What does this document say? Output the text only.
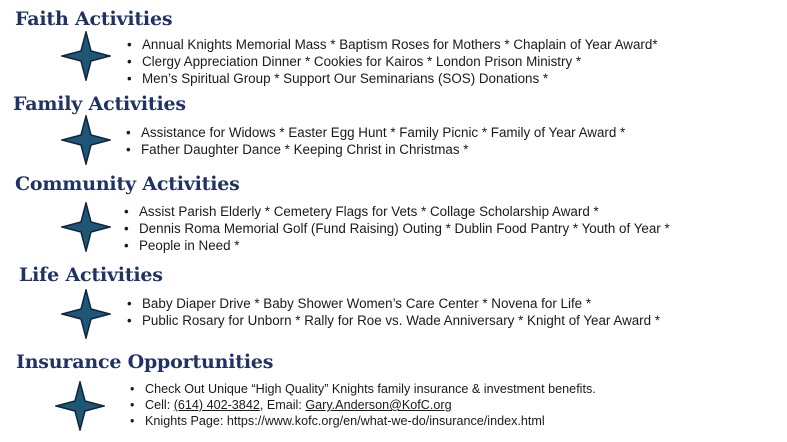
Faith Activities
• Annual Knights Memorial Mass * Baptism Roses for Mothers * Chaplain of Year Award*
• Clergy Appreciation Dinner * Cookies for Kairos * London Prison Ministry *
• Men’s Spiritual Group * Support Our Seminarians (SOS) Donations *
Family Activities
• Assistance for Widows * Easter Egg Hunt * Family Picnic * Family of Year Award *
• Father Daughter Dance * Keeping Christ in Christmas *
Community Activities
• Assist Parish Elderly * Cemetery Flags for Vets * Collage Scholarship Award *
• Dennis Roma Memorial Golf (Fund Raising) Outing * Dublin Food Pantry * Youth of Year *
• People in Need *
Life Activities
• Baby Diaper Drive * Baby Shower Women’s Care Center * Novena for Life *
• Public Rosary for Unborn * Rally for Roe vs. Wade Anniversary * Knight of Year Award *
Insurance Opportunities
• Check Out Unique “High Quality” Knights family insurance & investment benefits.
• Cell: (614) 402-3842, Email: Gary.Anderson@KofC.org
• Knights Page: https://www.kofc.org/en/what-we-do/insurance/index.html
